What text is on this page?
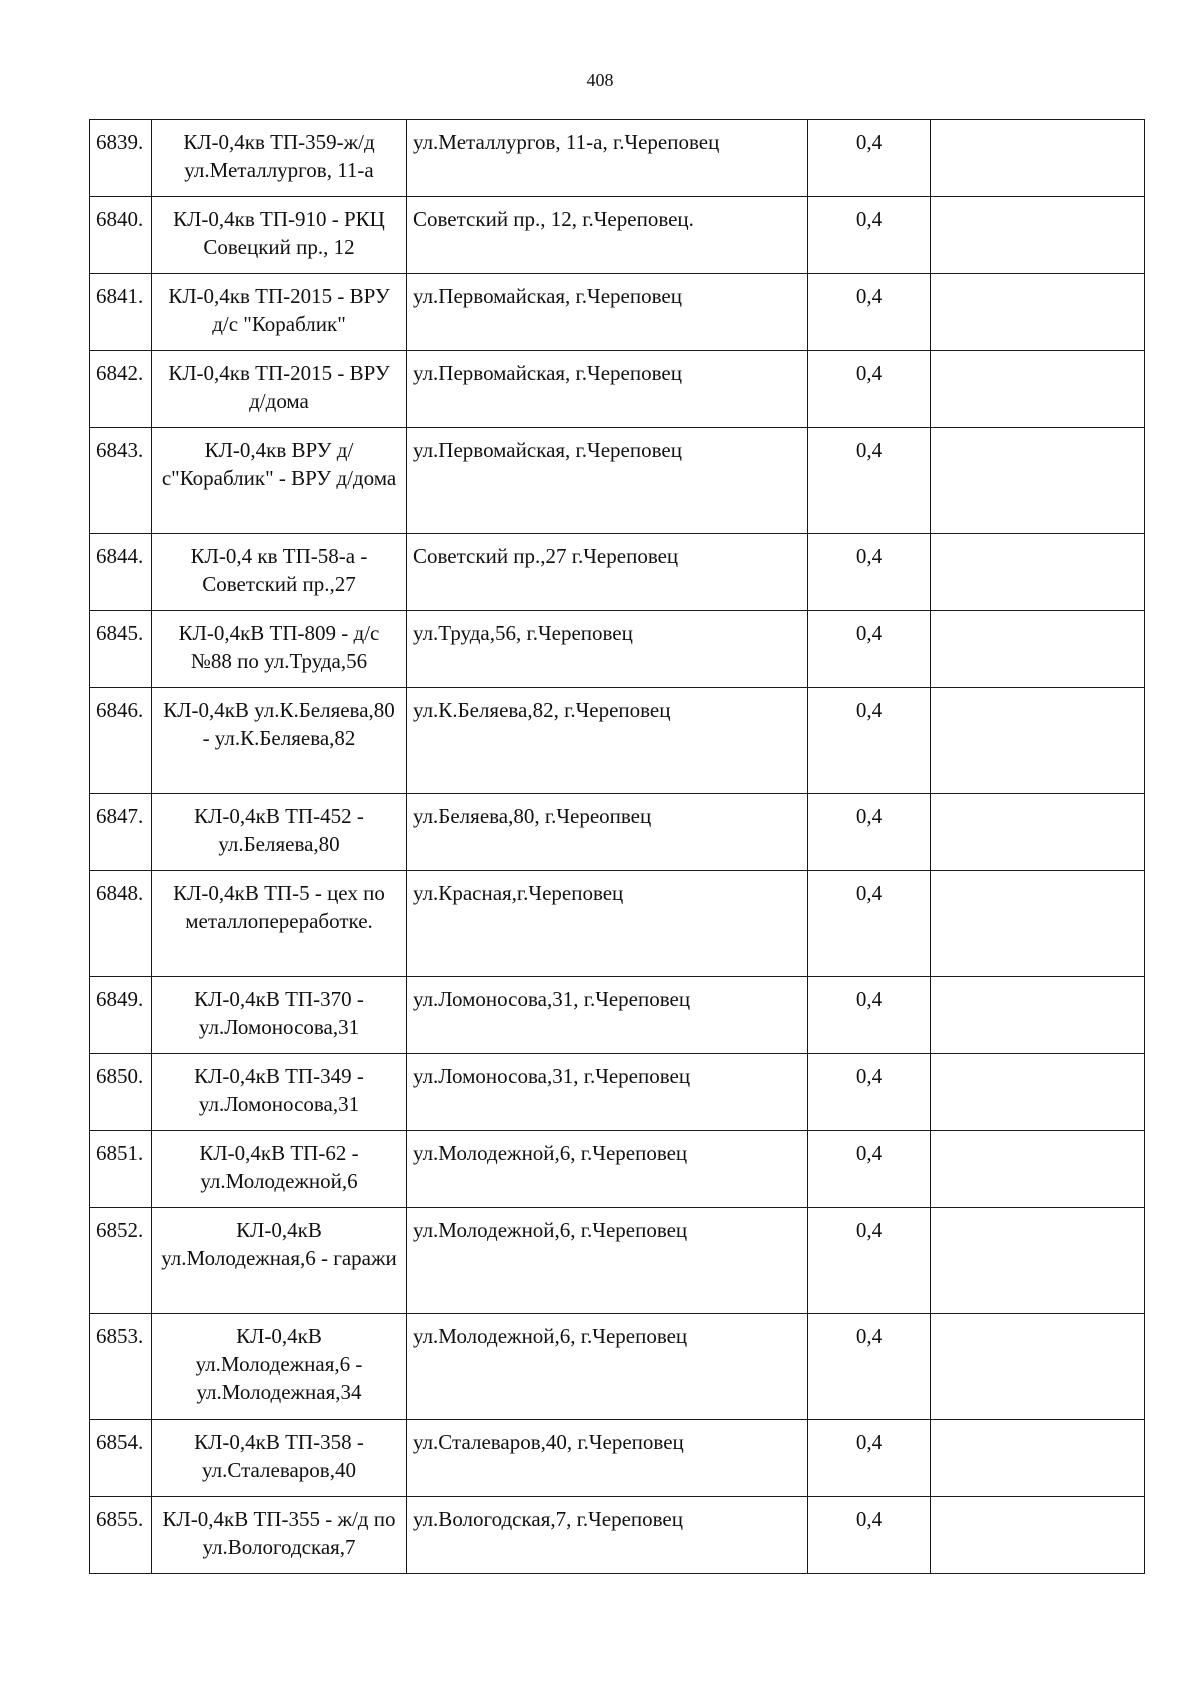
408
6839.	КЛ-0,4кв ТП-359-ж/д ул.Металлургов, 11-а	ул.Металлургов, 11-а, г.Череповец	0,4	
6840.	КЛ-0,4кв ТП-910 - РКЦ Совецкий пр., 12	Советский пр., 12, г.Череповец.	0,4	
6841.	КЛ-0,4кв ТП-2015 - ВРУ д/с "Кораблик"	ул.Первомайская, г.Череповец	0,4	
6842.	КЛ-0,4кв ТП-2015 - ВРУ д/дома	ул.Первомайская, г.Череповец	0,4	
6843.	КЛ-0,4кв ВРУ д/с"Кораблик" - ВРУ д/дома	ул.Первомайская, г.Череповец	0,4	
6844.	КЛ-0,4 кв ТП-58-а - Советский пр.,27	Советский пр.,27 г.Череповец	0,4	
6845.	КЛ-0,4кВ ТП-809 - д/с №88 по ул.Труда,56	ул.Труда,56, г.Череповец	0,4	
6846.	КЛ-0,4кВ ул.К.Беляева,80 - ул.К.Беляева,82	ул.К.Беляева,82, г.Череповец	0,4	
6847.	КЛ-0,4кВ ТП-452 - ул.Беляева,80	ул.Беляева,80, г.Череопвец	0,4	
6848.	КЛ-0,4кВ ТП-5 - цех по металлопереработке.	ул.Красная,г.Череповец	0,4	
6849.	КЛ-0,4кВ ТП-370 - ул.Ломоносова,31	ул.Ломоносова,31, г.Череповец	0,4	
6850.	КЛ-0,4кВ ТП-349 - ул.Ломоносова,31	ул.Ломоносова,31, г.Череповец	0,4	
6851.	КЛ-0,4кВ ТП-62 - ул.Молодежной,6	ул.Молодежной,6, г.Череповец	0,4	
6852.	КЛ-0,4кВ ул.Молодежная,6 - гаражи	ул.Молодежной,6, г.Череповец	0,4	
6853.	КЛ-0,4кВ ул.Молодежная,6 - ул.Молодежная,34	ул.Молодежной,6, г.Череповец	0,4	
6854.	КЛ-0,4кВ ТП-358 - ул.Сталеваров,40	ул.Сталеваров,40, г.Череповец	0,4	
6855.	КЛ-0,4кВ ТП-355 - ж/д по ул.Вологодская,7	ул.Вологодская,7, г.Череповец	0,4	
